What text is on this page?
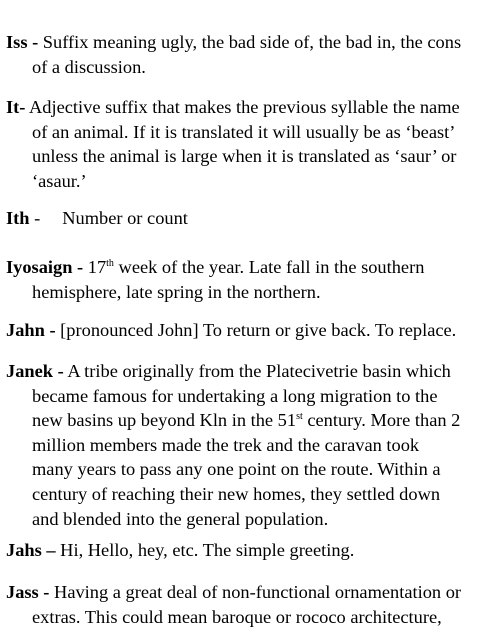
Iss - Suffix meaning ugly, the bad side of, the bad in, the cons
of a discussion.
It- Adjective suffix that makes the previous syllable the name
of an animal. If it is translated it will usually be as ‘beast’
unless the animal is large when it is translated as ‘saur’ or
‘asaur.’
Ith - Number or count
Iyosaign - 17th week of the year. Late fall in the southern
hemisphere, late spring in the northern.
Jahn - [pronounced John] To return or give back. To replace.
Janek - A tribe originally from the Platecivetrie basin which
became famous for undertaking a long migration to the
new basins up beyond Kln in the 51st century. More than 2
million members made the trek and the caravan took
many years to pass any one point on the route. Within a
century of reaching their new homes, they settled down
and blended into the general population.
Jahs – Hi, Hello, hey, etc. The simple greeting.
Jass - Having a great deal of non-functional ornamentation or
extras. This could mean baroque or rococo architecture,
